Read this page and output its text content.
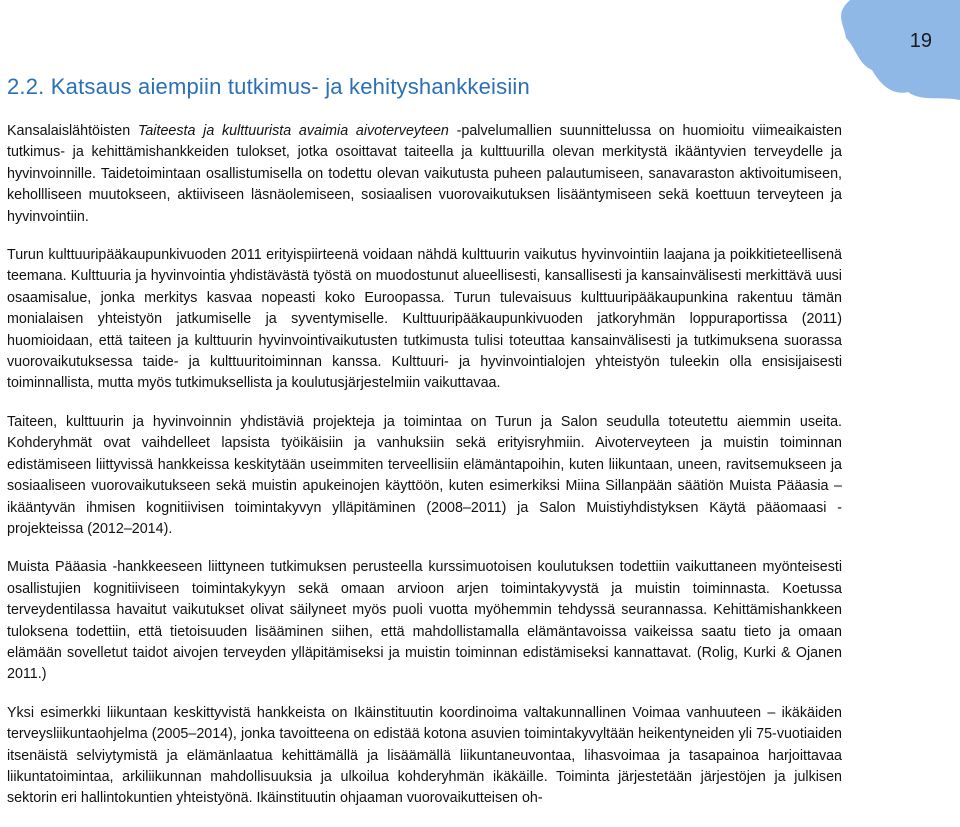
19
2.2. Katsaus aiempiin tutkimus- ja kehityshankkeisiin

Kansalaislähtöisten Taiteesta ja kulttuurista avaimia aivoterveyteen -palvelumallien suunnittelussa on huomioitu viimeaikaisten tutkimus- ja kehittämishankkeiden tulokset, jotka osoittavat taiteella ja kulttuurilla olevan merkitystä ikääntyvien terveydelle ja hyvinvoinnille. Taidetoimintaan osallistumisella on todettu olevan vaikutusta puheen palautumiseen, sanavaraston aktivoitumiseen, kehollliseen muutokseen, aktiiviseen läsnäolemiseen, sosiaalisen vuorovaikutuksen lisääntymiseen sekä koettuun terveyteen ja hyvinvointiin.

Turun kulttuuripääkaupunkivuoden 2011 erityispiirteenä voidaan nähdä kulttuurin vaikutus hyvinvointiin laajana ja poikkitieteellisenä teemana. Kulttuuria ja hyvinvointia yhdistävästä työstä on muodostunut alueellisesti, kansallisesti ja kansainvälisesti merkittävä uusi osaamisalue, jonka merkitys kasvaa nopeasti koko Euroopassa. Turun tulevaisuus kulttuuripääkaupunkina rakentuu tämän monialaisen yhteistyön jatkumiselle ja syventymiselle. Kulttuuripääkaupunkivuoden jatkoryhmän loppuraportissa (2011) huomioidaan, että taiteen ja kulttuurin hyvinvointivaikutusten tutkimusta tulisi toteuttaa kansainvälisesti ja tutkimuksena suorassa vuorovaikutuksessa taide- ja kulttuuritoiminnan kanssa. Kulttuuri- ja hyvinvointialojen yhteistyön tuleekin olla ensisijaisesti toiminnallista, mutta myös tutkimuksellista ja koulutusjärjestelmiin vaikuttavaa.

Taiteen, kulttuurin ja hyvinvoinnin yhdistäviä projekteja ja toimintaa on Turun ja Salon seudulla toteutettu aiemmin useita. Kohderyhmät ovat vaihdelleet lapsista työikäisiin ja vanhuksiin sekä erityisryhmiin. Aivoterveyteen ja muistin toiminnan edistämiseen liittyvissä hankkeissa keskitytään useimmiten terveellisiin elämäntapoihin, kuten liikuntaan, uneen, ravitsemukseen ja sosiaaliseen vuorovaikutukseen sekä muistin apukeinojen käyttöön, kuten esimerkiksi Miina Sillanpään säätiön Muista Pääasia – ikääntyvän ihmisen kognitiivisen toimintakyvyn ylläpitäminen (2008–2011) ja Salon Muistiyhdistyksen Käytä pääomaasi -projekteissa (2012–2014).

Muista Pääasia -hankkeeseen liittyneen tutkimuksen perusteella kurssimuotoisen koulutuksen todettiin vaikuttaneen myönteisesti osallistujien kognitiiviseen toimintakykyyn sekä omaan arvioon arjen toimintakyvystä ja muistin toiminnasta. Koetussa terveydentilassa havaitut vaikutukset olivat säilyneet myös puoli vuotta myöhemmin tehdyssä seurannassa. Kehittämishankkeen tuloksena todettiin, että tietoisuuden lisääminen siihen, että mahdollistamalla elämäntavoissa vaikeissa saatu tieto ja omaan elämään sovelletut taidot aivojen terveyden ylläpitämiseksi ja muistin toiminnan edistämiseksi kannattavat. (Rolig, Kurki & Ojanen 2011.)

Yksi esimerkki liikuntaan keskittyvistä hankkeista on Ikäinstituutin koordinoima valtakunnallinen Voimaa vanhuuteen – ikäkäiden terveysliikuntaohjelma (2005–2014), jonka tavoitteena on edistää kotona asuvien toimintakyvyltään heikentyneiden yli 75-vuotiaiden itsenäistä selviytymistä ja elämänlaatua kehittämällä ja lisäämällä liikuntaneuvontaa, lihasvoimaa ja tasapainoa harjoittavaa liikuntatoimintaa, arkiliikunnan mahdollisuuksia ja ulkoilua kohderyhmän ikäkäille. Toiminta järjestetään järjestöjen ja julkisen sektorin eri hallintokuntien yhteistyönä. Ikäinstituutin ohjaaman vuorovaikutteisen oh-
